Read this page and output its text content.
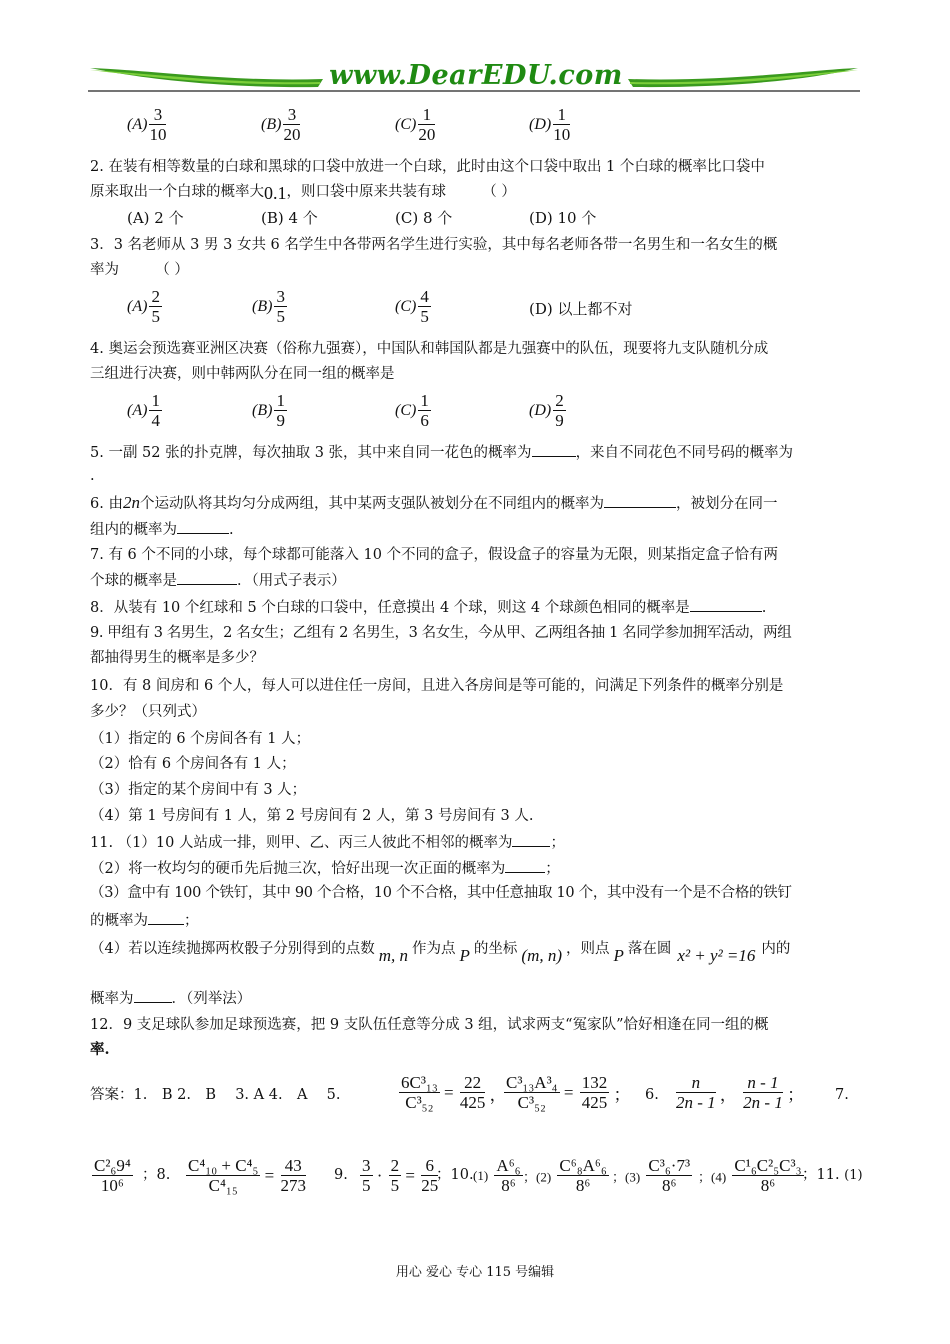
www.DearEDU.com
$(A) \frac{3}{10}$	$(B) \frac{3}{20}$	$(C) \frac{1}{20}$	$(D) \frac{1}{10}$
2. 在装有相等数量的白球和黑球的口袋中放进一个白球，此时由这个口袋中取出 1 个白球的概率比口袋中
原来取出一个白球的概率大0.1，则口袋中原来共装有球　　　（ ）
(A) 2 个	(B) 4 个	(C) 8 个	(D) 10 个
3．3 名老师从 3 男 3 女共 6 名学生中各带两名学生进行实验，其中每名老师各带一名男生和一名女生的概
率为　　　（ ）
$(A) \frac{2}{5}$	$(B) \frac{3}{5}$	$(C) \frac{4}{5}$	(D) 以上都不对
4. 奥运会预选赛亚洲区决赛（俗称九强赛），中国队和韩国队都是九强赛中的队伍，现要将九支队随机分成
三组进行决赛，则中韩两队分在同一组的概率是
$(A) \frac{1}{4}$	$(B) \frac{1}{9}$	$(C) \frac{1}{6}$	$(D) \frac{2}{9}$
5. 一副 52 张的扑克牌，每次抽取 3 张，其中来自同一花色的概率为	，来自不同花色不同号码的概率为
.
6. 由2n个运动队将其均匀分成两组，其中某两支强队被划分在不同组内的概率为	，被划分在同一
组内的概率为	.
7. 有 6 个不同的小球，每个球都可能落入 10 个不同的盒子，假设盒子的容量为无限，则某指定盒子恰有两
个球的概率是	．（用式子表示）
8．从装有 10 个红球和 5 个白球的口袋中，任意摸出 4 个球，则这 4 个球颜色相同的概率是	.
9. 甲组有 3 名男生，2 名女生；乙组有 2 名男生，3 名女生，今从甲、乙两组各抽 1 名同学参加拥军活动，两组
都抽得男生的概率是多少？
10．有 8 间房和 6 个人，每人可以进住任一房间，且进入各房间是等可能的，问满足下列条件的概率分别是
多少？（只列式）
（1）指定的 6 个房间各有 1 人；
（2）恰有 6 个房间各有 1 人；
（3）指定的某个房间中有 3 人；
（4）第 1 号房间有 1 人，第 2 号房间有 2 人，第 3 号房间有 3 人.
11. （1）10 人站成一排，则甲、乙、丙三人彼此不相邻的概率为	；
（2）将一枚均匀的硬币先后抛三次，恰好出现一次正面的概率为	；
（3）盒中有 100 个铁钉，其中 90 个合格，10 个不合格，其中任意抽取 10 个，其中没有一个是不合格的铁钉
的概率为 ；
（4）若以连续抛掷两枚骰子分别得到的点数 m, n 作为点 P 的坐标 (m, n) ，则点 P 落在圆 x² + y² =16 内的
概率为	．（列举法）
12．9 支足球队参加足球预选赛，把 9 支队伍任意等分成 3 组，试求两支“冤家队”恰好相逢在同一组的概
率.
答案：1.　B 2.　B　 3. A 4.　A　 5.	$\frac{\text{6C³₁₃}}{\text{C³₅₂}} = \frac{22}{425}$ ，
$\frac{\text{C³₁₃A³₄}}{\text{C³₅₂}} = \frac{132}{425}$ ； 6. $\frac{n}{2n - 1}$ ， $\frac{n - 1}{2n - 1}$ ； 7.
$\frac{\text{C²₆9⁴}}{\text{10⁶}}$ ；8. $\frac{\text{C⁴₁₀ + C⁴₅}}{\text{C⁴₁₅}} = \frac{43}{273} 9$. $\frac{3}{5} \cdot \frac{2}{5} = \frac{6}{25}$
；10. $(1) \frac{\text{A⁶₆}}{\text{8⁶}}$ ；$(2) \frac{\text{C⁶₈A⁶₆}}{\text{8⁶}}$ ；$(3) \frac{\text{C³₆·7³}}{\text{8⁶}}$ ；$(4) \frac{\text{C¹₆C²₅C³₃}}{\text{8⁶}}$
；11. (1)
用心 爱心 专心 115 号编辑
